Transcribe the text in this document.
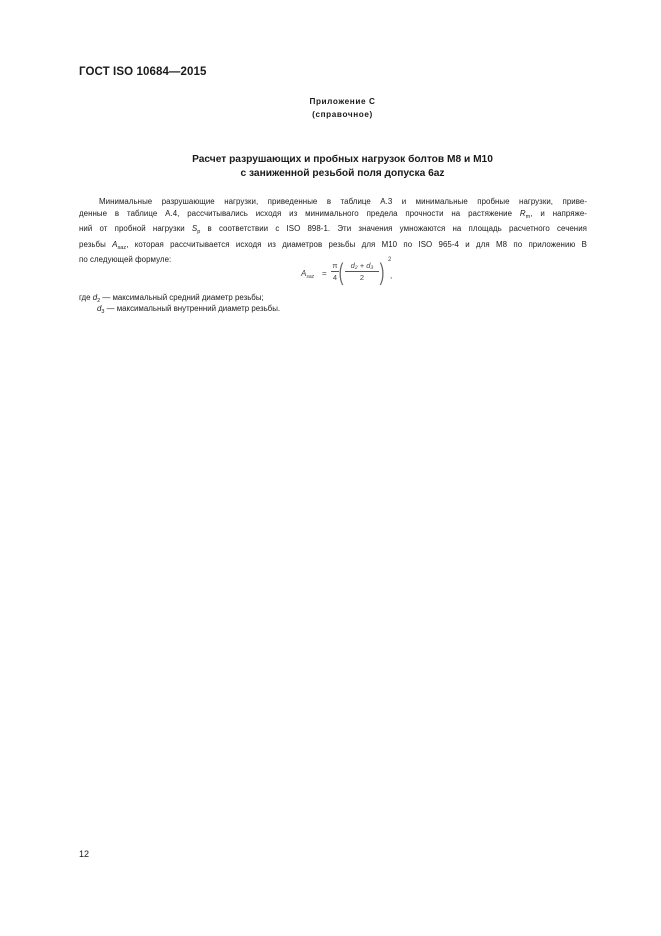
ГОСТ ISO 10684—2015
Приложение С
(справочное)
Расчет разрушающих и пробных нагрузок болтов М8 и М10
с заниженной резьбой поля допуска 6az
Минимальные разрушающие нагрузки, приведенные в таблице А.3 и минимальные пробные нагрузки, приве-
денные в таблице А.4, рассчитывались исходя из минимального предела прочности на растяжение $R_m$, и напряже-
ний от пробной нагрузки $S_p$ в соответствии с ISO 898-1. Эти значения умножаются на площадь расчетного сечения
резьбы $A_{saz}$, которая рассчитывается исходя из диаметров резьбы для М10 по ISO 965-4 и для М8 по приложению В
по следующей формуле:
$A_{saz} = \frac{\pi}{4}$ ( $\frac{\text{d₂ + d₃}}{2}$ ) 2
,
где $d_2$ — максимальный средний диаметр резьбы;
$d_3$ — максимальный внутренний диаметр резьбы.
12
